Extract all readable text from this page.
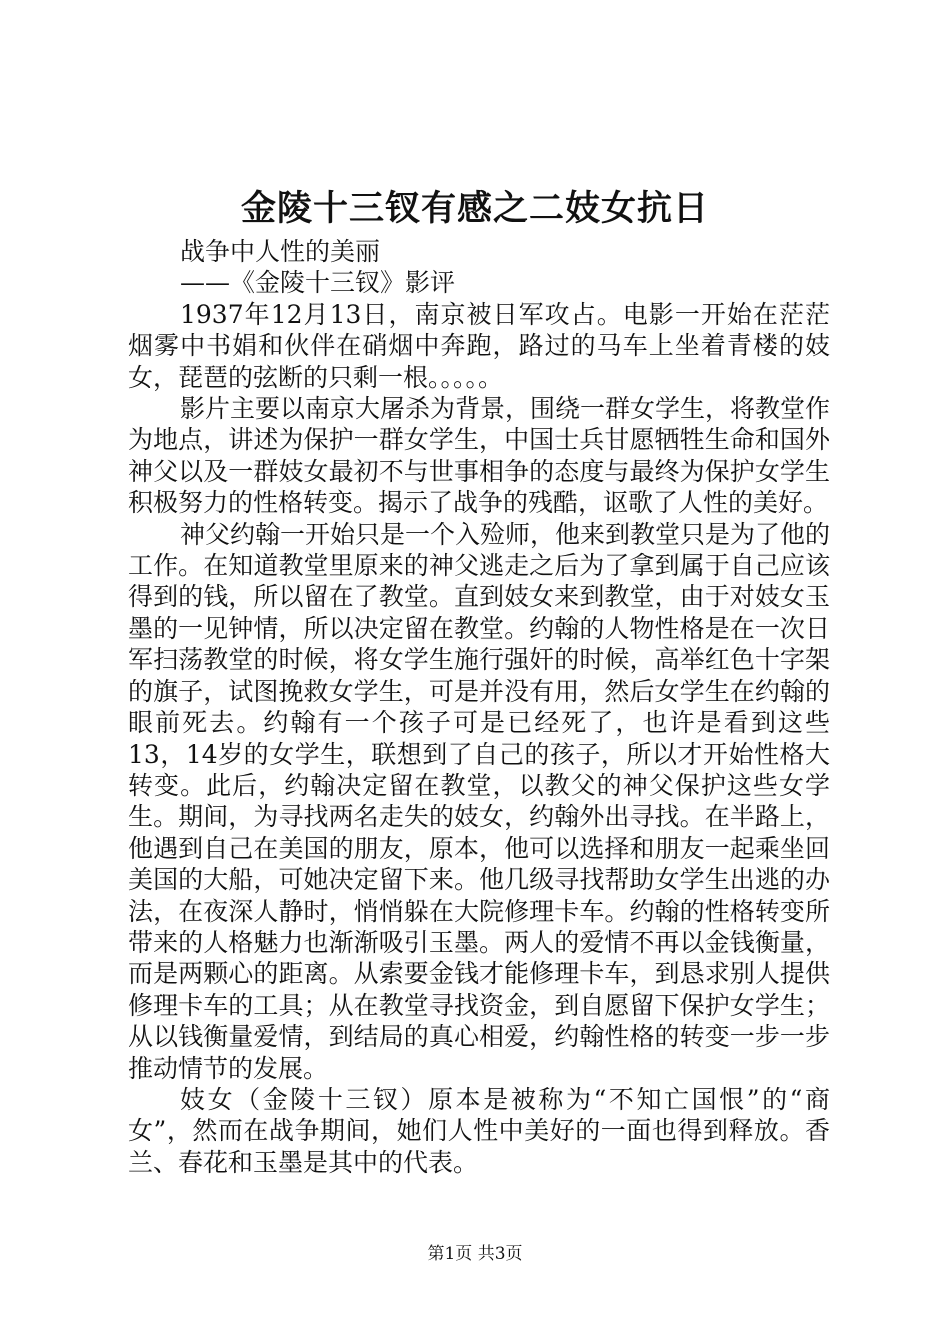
金陵十三钗有感之二妓女抗日

战争中人性的美丽

——《金陵十三钗》影评

1937年12月13日，南京被日军攻占。电影一开始在茫茫烟雾中书娟和伙伴在硝烟中奔跑，路过的马车上坐着青楼的妓女，琵琶的弦断的只剩一根。。。。。

影片主要以南京大屠杀为背景，围绕一群女学生，将教堂作为地点，讲述为保护一群女学生，中国士兵甘愿牺牲生命和国外神父以及一群妓女最初不与世事相争的态度与最终为保护女学生积极努力的性格转变。揭示了战争的残酷，讴歌了人性的美好。

神父约翰一开始只是一个入殓师，他来到教堂只是为了他的工作。在知道教堂里原来的神父逃走之后为了拿到属于自己应该得到的钱，所以留在了教堂。直到妓女来到教堂，由于对妓女玉墨的一见钟情，所以决定留在教堂。约翰的人物性格是在一次日军扫荡教堂的时候，将女学生施行强奸的时候，高举红色十字架的旗子，试图挽救女学生，可是并没有用，然后女学生在约翰的眼前死去。约翰有一个孩子可是已经死了，也许是看到这些13，14岁的女学生，联想到了自己的孩子，所以才开始性格大转变。此后，约翰决定留在教堂，以教父的神父保护这些女学生。期间，为寻找两名走失的妓女，约翰外出寻找。在半路上，他遇到自己在美国的朋友，原本，他可以选择和朋友一起乘坐回美国的大船，可她决定留下来。他几级寻找帮助女学生出逃的办法，在夜深人静时，悄悄躲在大院修理卡车。约翰的性格转变所带来的人格魅力也渐渐吸引玉墨。两人的爱情不再以金钱衡量，而是两颗心的距离。从索要金钱才能修理卡车，到恳求别人提供修理卡车的工具；从在教堂寻找资金，到自愿留下保护女学生；从以钱衡量爱情，到结局的真心相爱，约翰性格的转变一步一步推动情节的发展。

妓女（金陵十三钗）原本是被称为“不知亡国恨”的“商女”，然而在战争期间，她们人性中美好的一面也得到释放。香兰、春花和玉墨是其中的代表。

第1页 共3页
